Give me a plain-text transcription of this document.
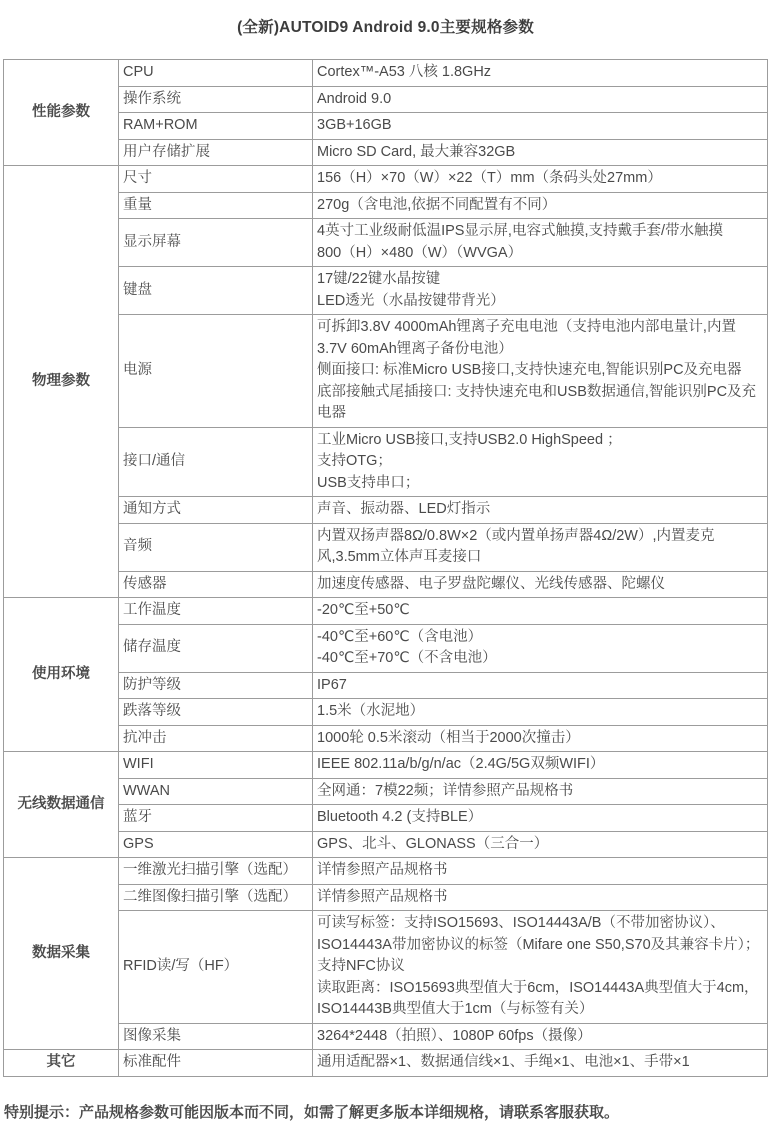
(全新)AUTOID9 Android 9.0主要规格参数
性能参数	CPU	Cortex™-A53 八核 1.8GHz

	操作系统	Android 9.0

	RAM+ROM	3GB+16GB

	用户存储扩展	Micro SD Card, 最大兼容32GB

物理参数	尺寸	156（H）×70（W）×22（T）mm（条码头处27mm）

	重量	270g（含电池,依据不同配置有不同）

	显示屏幕	4英寸工业级耐低温IPS显示屏,电容式触摸,支持戴手套/带水触摸
800（H）×480（W）（WVGA）

	键盘	17键/22键水晶按键
LED透光（水晶按键带背光）

	电源	可拆卸3.8V 4000mAh锂离子充电电池（支持电池内部电量计,内置3.7V 60mAh锂离子备份电池）
侧面接口: 标准Micro USB接口,支持快速充电,智能识别PC及充电器
底部接触式尾插接口: 支持快速充电和USB数据通信,智能识别PC及充电器

	接口/通信	工业Micro USB接口,支持USB2.0 HighSpeed ；
支持OTG；
USB支持串口；

	通知方式	声音、振动器、LED灯指示

	音频	内置双扬声器8Ω/0.8W×2（或内置单扬声器4Ω/2W）,内置麦克风,3.5mm立体声耳麦接口

	传感器	加速度传感器、电子罗盘陀螺仪、光线传感器、陀螺仪

使用环境	工作温度	-20℃至+50℃

	储存温度	-40℃至+60℃（含电池）
-40℃至+70℃（不含电池）

	防护等级	IP67

	跌落等级	1.5米（水泥地）

	抗冲击	1000轮 0.5米滚动（相当于2000次撞击）

无线数据通信	WIFI	IEEE 802.11a/b/g/n/ac（2.4G/5G双频WIFI）

	WWAN	全网通：7模22频；详情参照产品规格书

	蓝牙	Bluetooth 4.2 (支持BLE）

	GPS	GPS、北斗、GLONASS（三合一）

数据采集	一维激光扫描引擎（选配）	详情参照产品规格书

	二维图像扫描引擎（选配）	详情参照产品规格书

	RFID读/写（HF）	可读写标签：支持ISO15693、ISO14443A/B（不带加密协议）、ISO14443A带加密协议的标签（Mifare one S50,S70及其兼容卡片）；支持NFC协议
读取距离：ISO15693典型值大于6cm，ISO14443A典型值大于4cm，ISO14443B典型值大于1cm（与标签有关）

	图像采集	3264*2448（拍照）、1080P 60fps（摄像）

其它	标准配件	通用适配器×1、数据通信线×1、手绳×1、电池×1、手带×1
特别提示：产品规格参数可能因版本而不同，如需了解更多版本详细规格，请联系客服获取。
